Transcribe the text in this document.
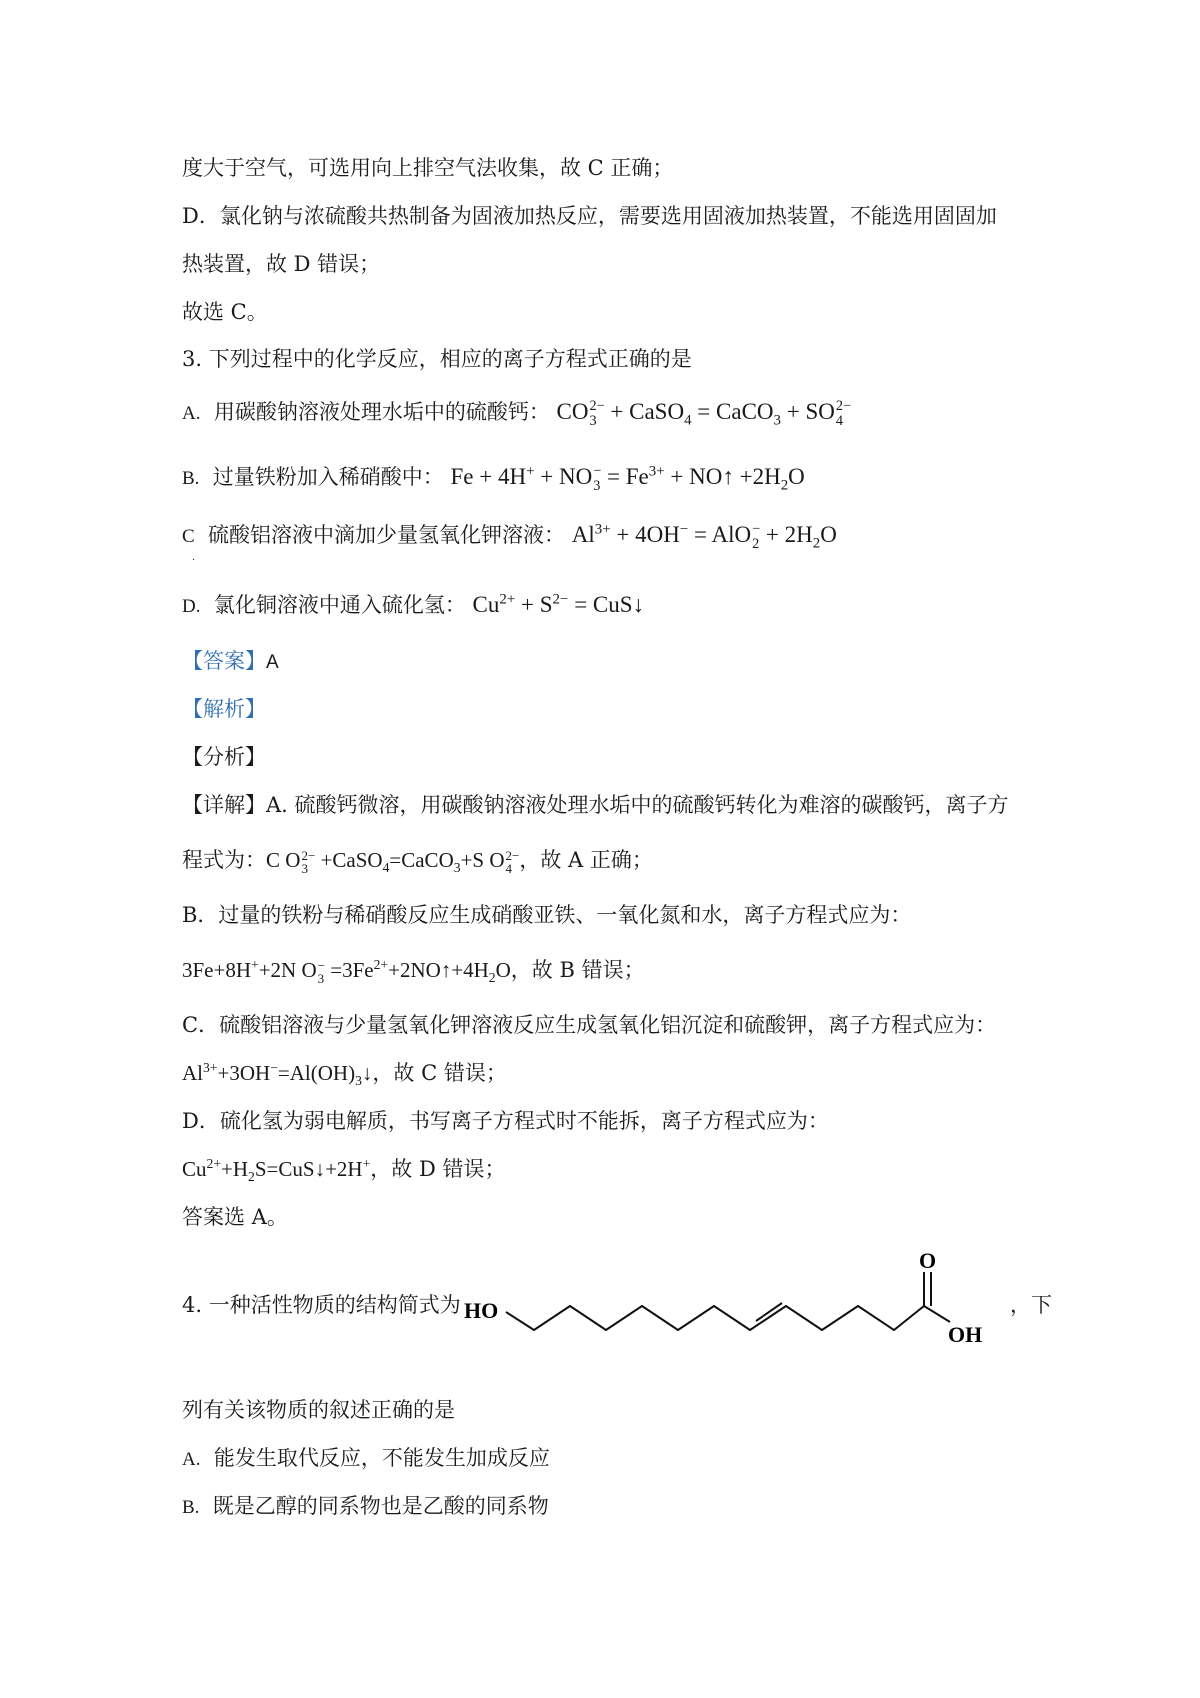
度大于空气，可选用向上排空气法收集，故 C 正确；
D．氯化钠与浓硫酸共热制备为固液加热反应，需要选用固液加热装置，不能选用固固加
热装置，故 D 错误；
故选 C。
3. 下列过程中的化学反应，相应的离子方程式正确的是
A. 用碳酸钠溶液处理水垢中的硫酸钙： CO 2−
3 + CaSO$_4$ = CaCO$_3$ + SO 2−
4
B. 过量铁粉加入稀硝酸中： Fe + 4H+ + NO −
$3 = Fe^{3+}$ + NO↑ $+2H_2O$
C 硫酸铝溶液中滴加少量氢氧化钾溶液： $Al^{3+} + 4OH^-$ = AlO −
$2 + 2H_2O$
·
D. 氯化铜溶液中通入硫化氢： $Cu^{2+} + S^{2-}$ = CuS↓
【答案】A
【解析】
【分析】
【详解】A. 硫酸钙微溶，用碳酸钠溶液处理水垢中的硫酸钙转化为难溶的碳酸钙，离子方
程式为：C O 2−
3 +CaSO$_4$=CaCO$_3$+S O 2−
4 ，故 A 正确；
B．过量的铁粉与稀硝酸反应生成硝酸亚铁、一氧化氮和水，离子方程式应为：
3Fe+8H++2N O −
$3 =3Fe^{2+}+2NO↑+4H_2O$，故 B 错误；
C．硫酸铝溶液与少量氢氧化钾溶液反应生成氢氧化铝沉淀和硫酸钾，离子方程式应为：
$Al^{3+}+3OH^-=Al(OH)_3↓$，故 C 错误；
D．硫化氢为弱电解质，书写离子方程式时不能拆，离子方程式应为：
$Cu^{2+}+H_2S=CuS↓+2H^+$，故 D 错误；
答案选 A。
4. 一种活性物质的结构简式为 HO
O
OH
，下
列有关该物质的叙述正确的是
A. 能发生取代反应，不能发生加成反应
B. 既是乙醇的同系物也是乙酸的同系物
